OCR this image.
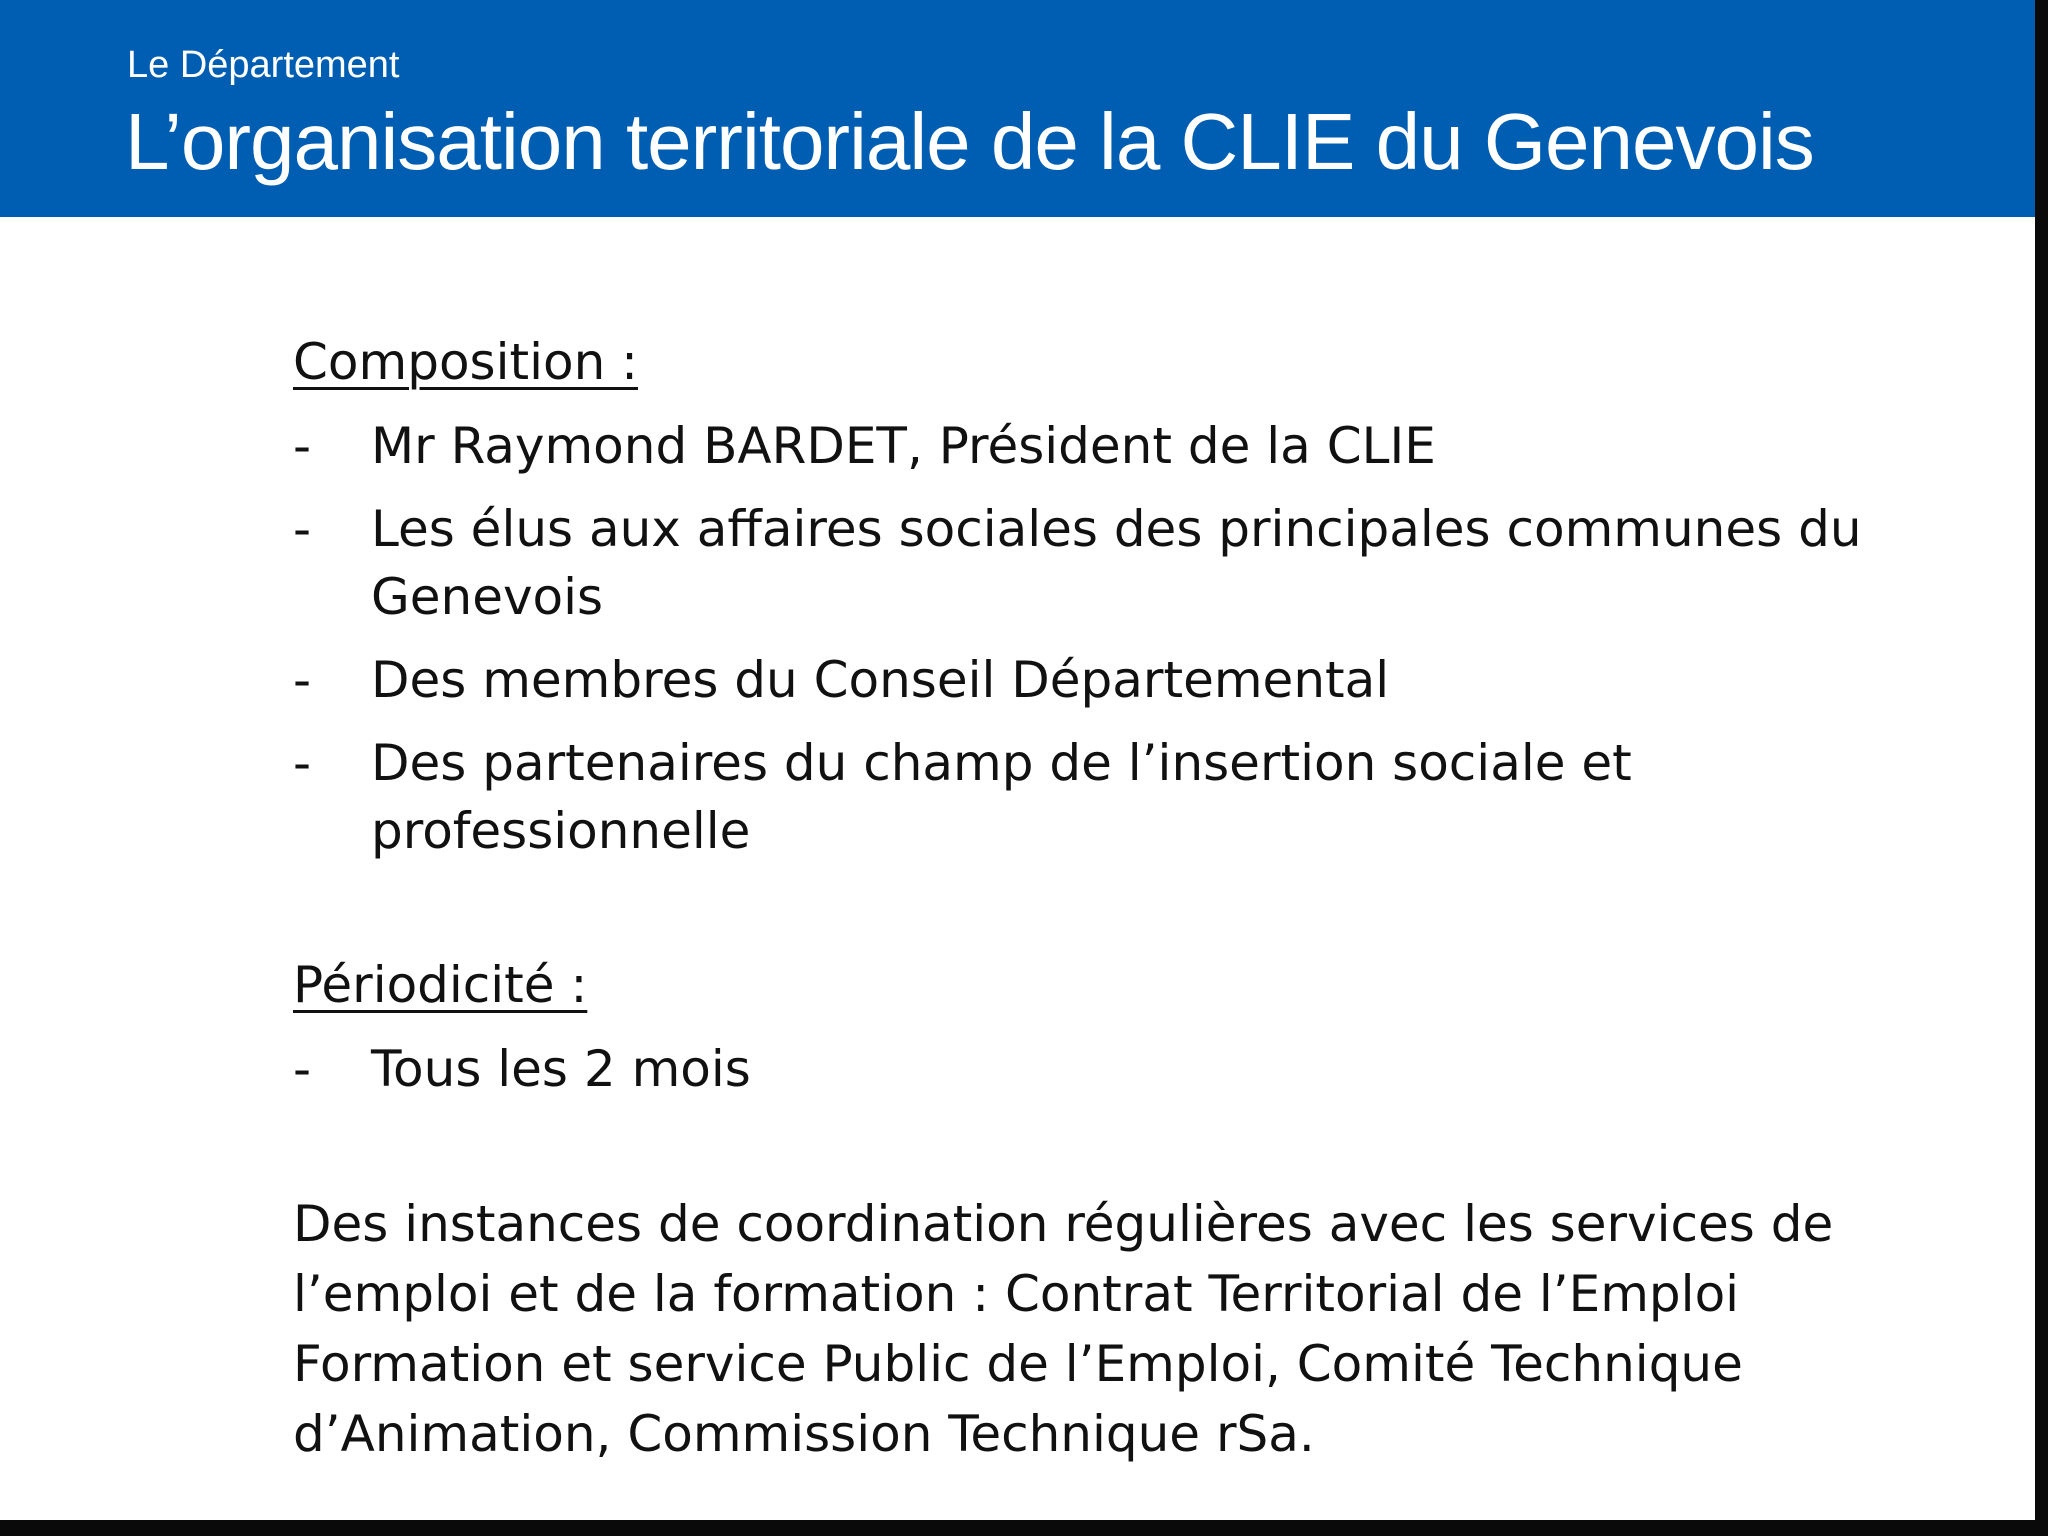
Le Département
L’organisation territoriale de la CLIE du Genevois
Composition :
- Mr Raymond BARDET, Président de la CLIE
- Les élus aux affaires sociales des principales communes du Genevois
- Des membres du Conseil Départemental
- Des partenaires du champ de l’insertion sociale et professionnelle
Périodicité :
- Tous les 2 mois

Des instances de coordination régulières avec les services de l’emploi et de la formation : Contrat Territorial de l’Emploi Formation et service Public de l’Emploi, Comité Technique d’Animation, Commission Technique rSa.
